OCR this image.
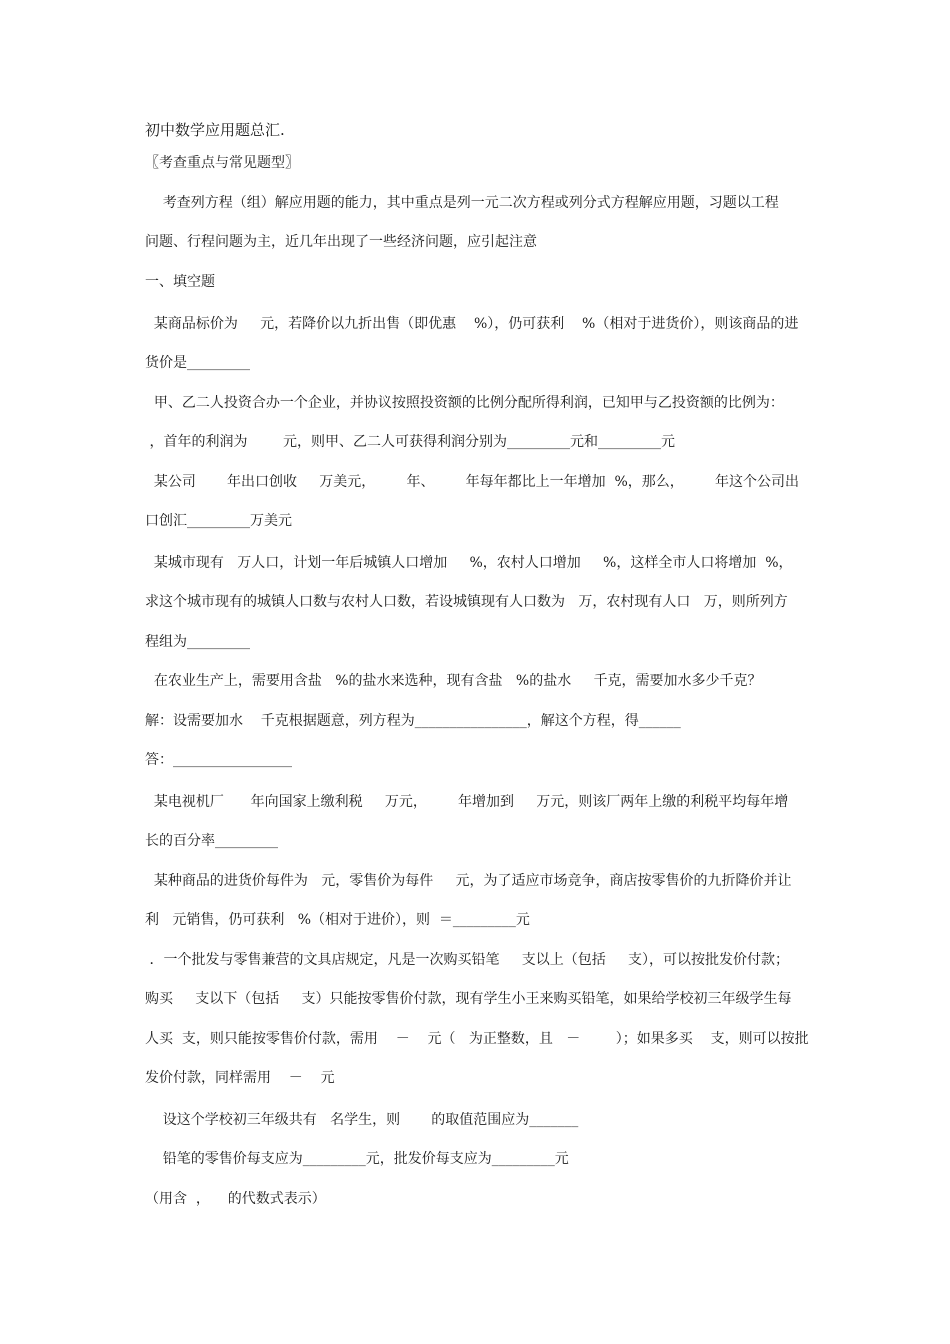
初中数学应用题总汇.
〖考查重点与常见题型〗
考查列方程（组）解应用题的能力，其中重点是列一元二次方程或列分式方程解应用题，习题以工程
问题、行程问题为主，近几年出现了一些经济问题，应引起注意
一、填空题
某商品标价为     元，若降价以九折出售（即优惠    %），仍可获利    %（相对于进货价），则该商品的进
货价是_________
甲、乙二人投资合办一个企业，并协议按照投资额的比例分配所得利润，已知甲与乙投资额的比例为：
，首年的利润为        元，则甲、乙二人可获得利润分别为_________元和_________元
某公司       年出口创收     万美元，       年、       年每年都比上一年增加  %，那么，       年这个公司出
口创汇_________万美元
某城市现有   万人口，计划一年后城镇人口增加     %，农村人口增加     %，这样全市人口将增加  %，
求这个城市现有的城镇人口数与农村人口数，若设城镇现有人口数为   万，农村现有人口   万，则所列方
程组为_________
在农业生产上，需要用含盐   %的盐水来选种，现有含盐   %的盐水     千克，需要加水多少千克？
解：设需要加水    千克根据题意，列方程为________________，解这个方程，得______
答：_________________
某电视机厂      年向国家上缴利税     万元，       年增加到     万元，则该厂两年上缴的利税平均每年增
长的百分率_________
某种商品的进货价每件为   元，零售价为每件     元，为了适应市场竞争，商店按零售价的九折降价并让
利   元销售，仍可获利   %（相对于进价），则  ＝_________元
．一个批发与零售兼营的文具店规定，凡是一次购买铅笔     支以上（包括     支），可以按批发价付款；
购买     支以下（包括     支）只能按零售价付款，现有学生小王来购买铅笔，如果给学校初三年级学生每
人买  支，则只能按零售价付款，需用    －    元（   为正整数，且   －        ）；如果多买    支，则可以按批
发价付款，同样需用    －    元
设这个学校初三年级共有   名学生，则       的取值范围应为_______
铅笔的零售价每支应为_________元，批发价每支应为_________元
（用含  ，    的代数式表示）
